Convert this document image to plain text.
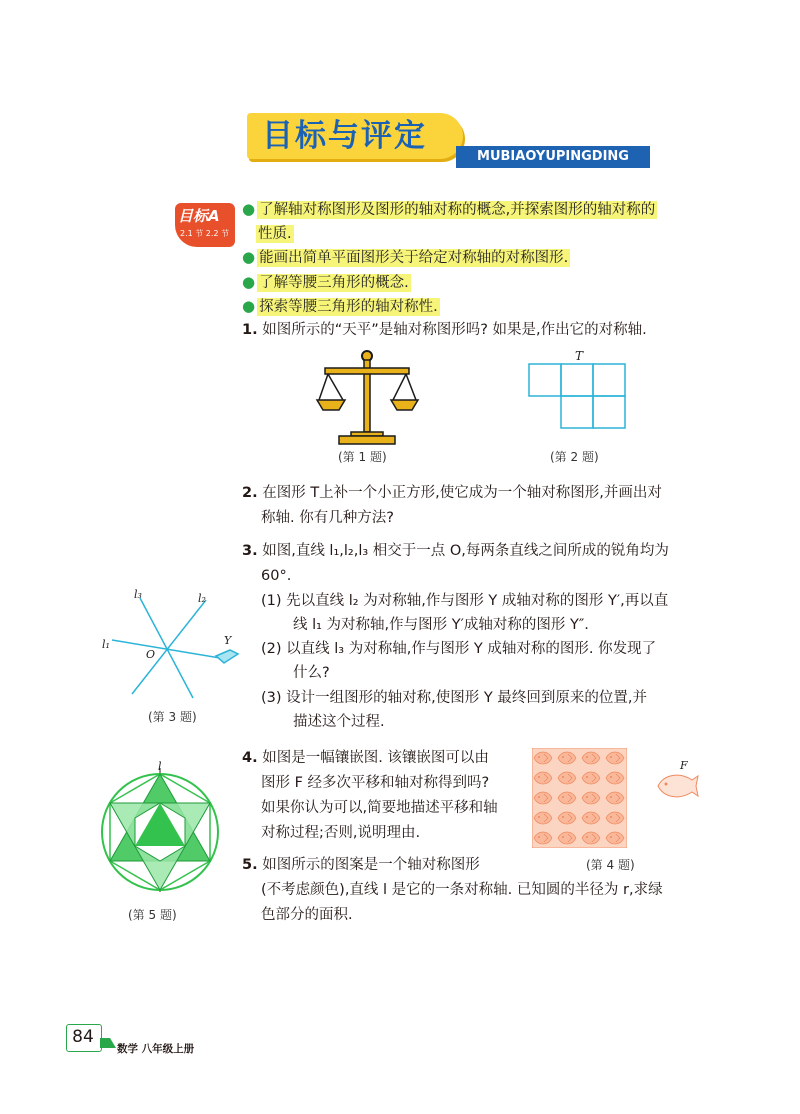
目标与评定
MUBIAOYUPINGDING
目标A
2.1 节 2.2 节
● 了解轴对称图形及图形的轴对称的概念,并探索图形的轴对称的
性质.
● 能画出简单平面图形关于给定对称轴的对称图形.
● 了解等腰三角形的概念.
● 探索等腰三角形的轴对称性.
1. 如图所示的“天平”是轴对称图形吗? 如果是,作出它的对称轴.
(第 1 题)
T
(第 2 题)
2. 在图形 T上补一个小正方形,使它成为一个轴对称图形,并画出对
称轴. 你有几种方法?
3. 如图,直线 l₁,l₂,l₃ 相交于一点 O,每两条直线之间所成的锐角均为
60°.
(1) 先以直线 l₂ 为对称轴,作与图形 Y 成轴对称的图形 Y′,再以直
线 l₁ 为对称轴,作与图形 Y′成轴对称的图形 Y″.
(2) 以直线 l₃ 为对称轴,作与图形 Y 成轴对称的图形. 你发现了
什么?
(3) 设计一组图形的轴对称,使图形 Y 最终回到原来的位置,并
描述这个过程.
l₃	l₂
l₁
O
Y
(第 3 题)
4. 如图是一幅镶嵌图. 该镶嵌图可以由
图形 F 经多次平移和轴对称得到吗?
如果你认为可以,简要地描述平移和轴
对称过程;否则,说明理由.
(第 4 题)
F
5. 如图所示的图案是一个轴对称图形
(不考虑颜色),直线 l 是它的一条对称轴. 已知圆的半径为 r,求绿
色部分的面积.
l
(第 5 题)
84
数学 八年级上册
